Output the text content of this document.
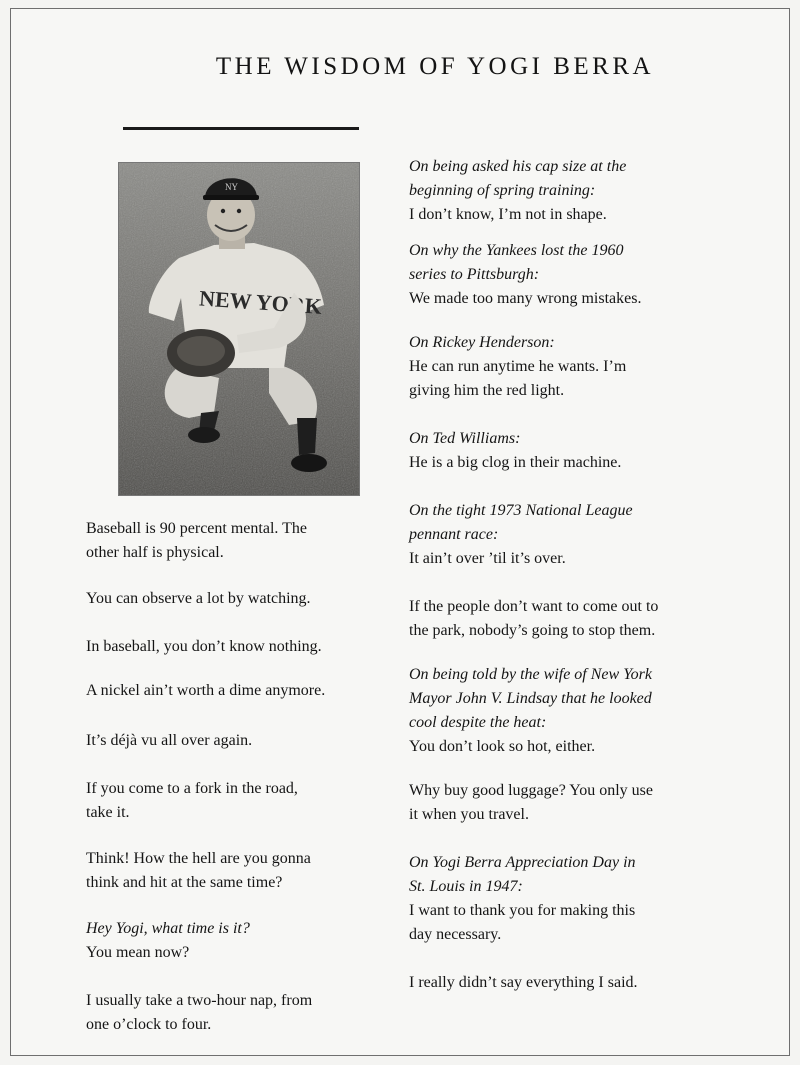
THE WISDOM OF YOGI BERRA
NEW YORK
NY
Baseball is 90 percent mental. The
other half is physical.
You can observe a lot by watching.
In baseball, you don’t know nothing.
A nickel ain’t worth a dime anymore.
It’s déjà vu all over again.
If you come to a fork in the road,
take it.
Think! How the hell are you gonna
think and hit at the same time?
Hey Yogi, what time is it?
You mean now?
I usually take a two-hour nap, from
one o’clock to four.
On being asked his cap size at the
beginning of spring training:
I don’t know, I’m not in shape.
On why the Yankees lost the 1960
series to Pittsburgh:
We made too many wrong mistakes.
On Rickey Henderson:
He can run anytime he wants. I’m
giving him the red light.
On Ted Williams:
He is a big clog in their machine.
On the tight 1973 National League
pennant race:
It ain’t over ’til it’s over.
If the people don’t want to come out to
the park, nobody’s going to stop them.
On being told by the wife of New York
Mayor John V. Lindsay that he looked
cool despite the heat:
You don’t look so hot, either.
Why buy good luggage? You only use
it when you travel.
On Yogi Berra Appreciation Day in
St. Louis in 1947:
I want to thank you for making this
day necessary.
I really didn’t say everything I said.
